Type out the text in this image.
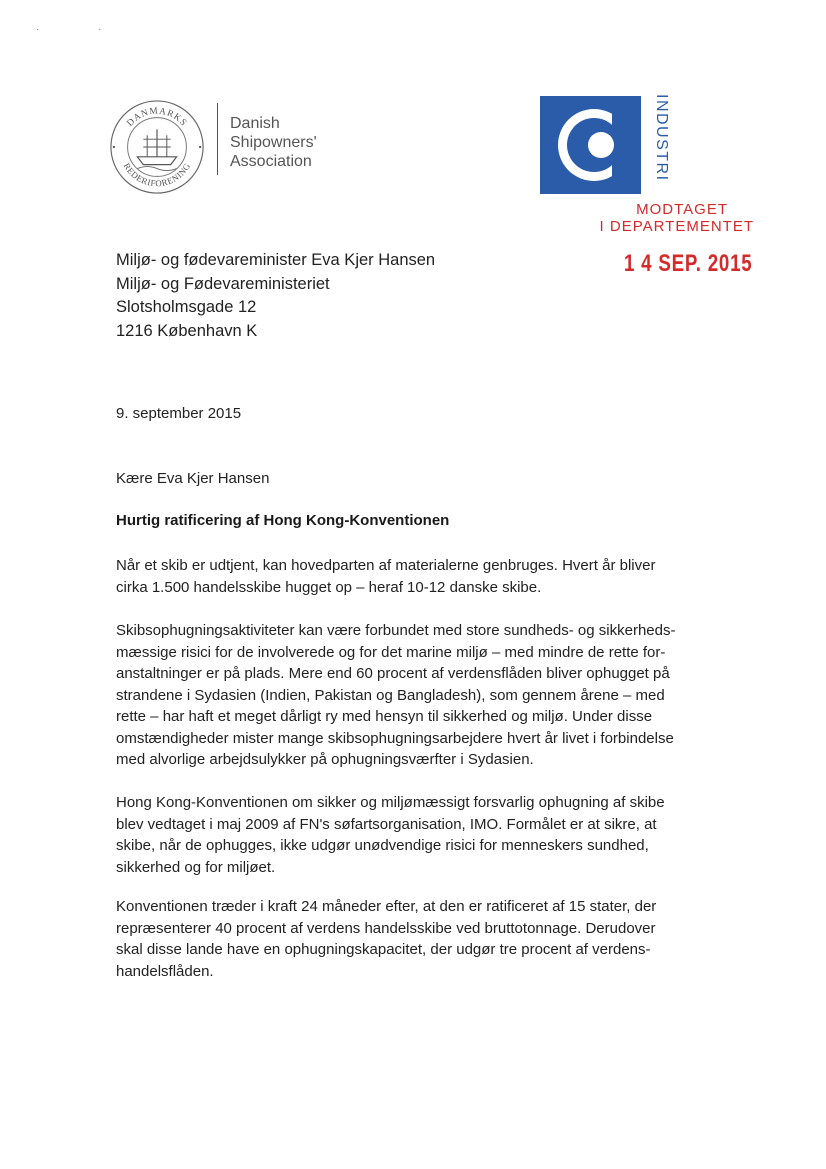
· ·
DANMARKS
REDERIFORENING
Danish
Shipowners'
Association	INDUSTRI
MODTAGET
I DEPARTEMENTET
1 4 SEP. 2015
Miljø- og fødevareminister Eva Kjer Hansen
Miljø- og Fødevareministeriet
Slotsholmsgade 12
1216 København K
9. september 2015
Kære Eva Kjer Hansen
Hurtig ratificering af Hong Kong-Konventionen
Når et skib er udtjent, kan hovedparten af materialerne genbruges. Hvert år bliver
cirka 1.500 handelsskibe hugget op – heraf 10-12 danske skibe.
Skibsophugningsaktiviteter kan være forbundet med store sundheds- og sikkerheds-
mæssige risici for de involverede og for det marine miljø – med mindre de rette for-
anstaltninger er på plads. Mere end 60 procent af verdensflåden bliver ophugget på
strandene i Sydasien (Indien, Pakistan og Bangladesh), som gennem årene – med
rette – har haft et meget dårligt ry med hensyn til sikkerhed og miljø. Under disse
omstændigheder mister mange skibsophugningsarbejdere hvert år livet i forbindelse
med alvorlige arbejdsulykker på ophugningsværfter i Sydasien.
Hong Kong-Konventionen om sikker og miljømæssigt forsvarlig ophugning af skibe
blev vedtaget i maj 2009 af FN's søfartsorganisation, IMO. Formålet er at sikre, at
skibe, når de ophugges, ikke udgør unødvendige risici for menneskers sundhed,
sikkerhed og for miljøet.
Konventionen træder i kraft 24 måneder efter, at den er ratificeret af 15 stater, der
repræsenterer 40 procent af verdens handelsskibe ved bruttotonnage. Derudover
skal disse lande have en ophugningskapacitet, der udgør tre procent af verdens-
handelsflåden.
